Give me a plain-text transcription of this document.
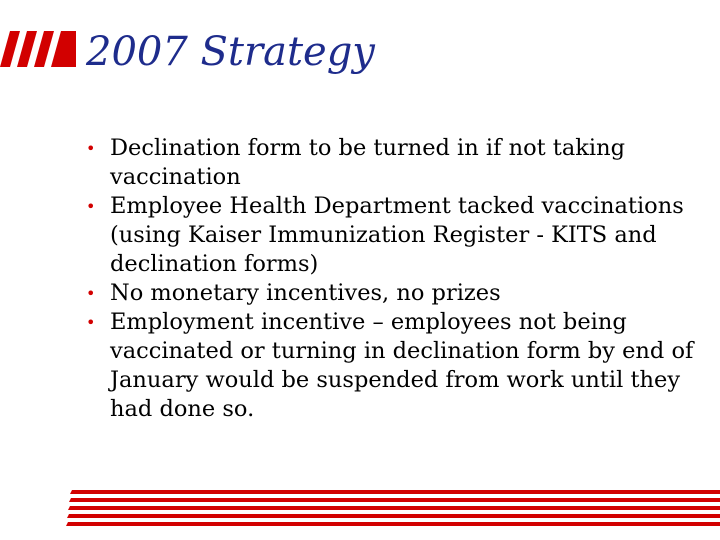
2007 Strategy
• Declination form to be turned in if not taking vaccination
• Employee Health Department tacked vaccinations (using Kaiser Immunization Register - KITS and declination forms)
• No monetary incentives, no prizes
• Employment incentive – employees not being vaccinated or turning in declination form by end of January would be suspended from work until they had done so.
